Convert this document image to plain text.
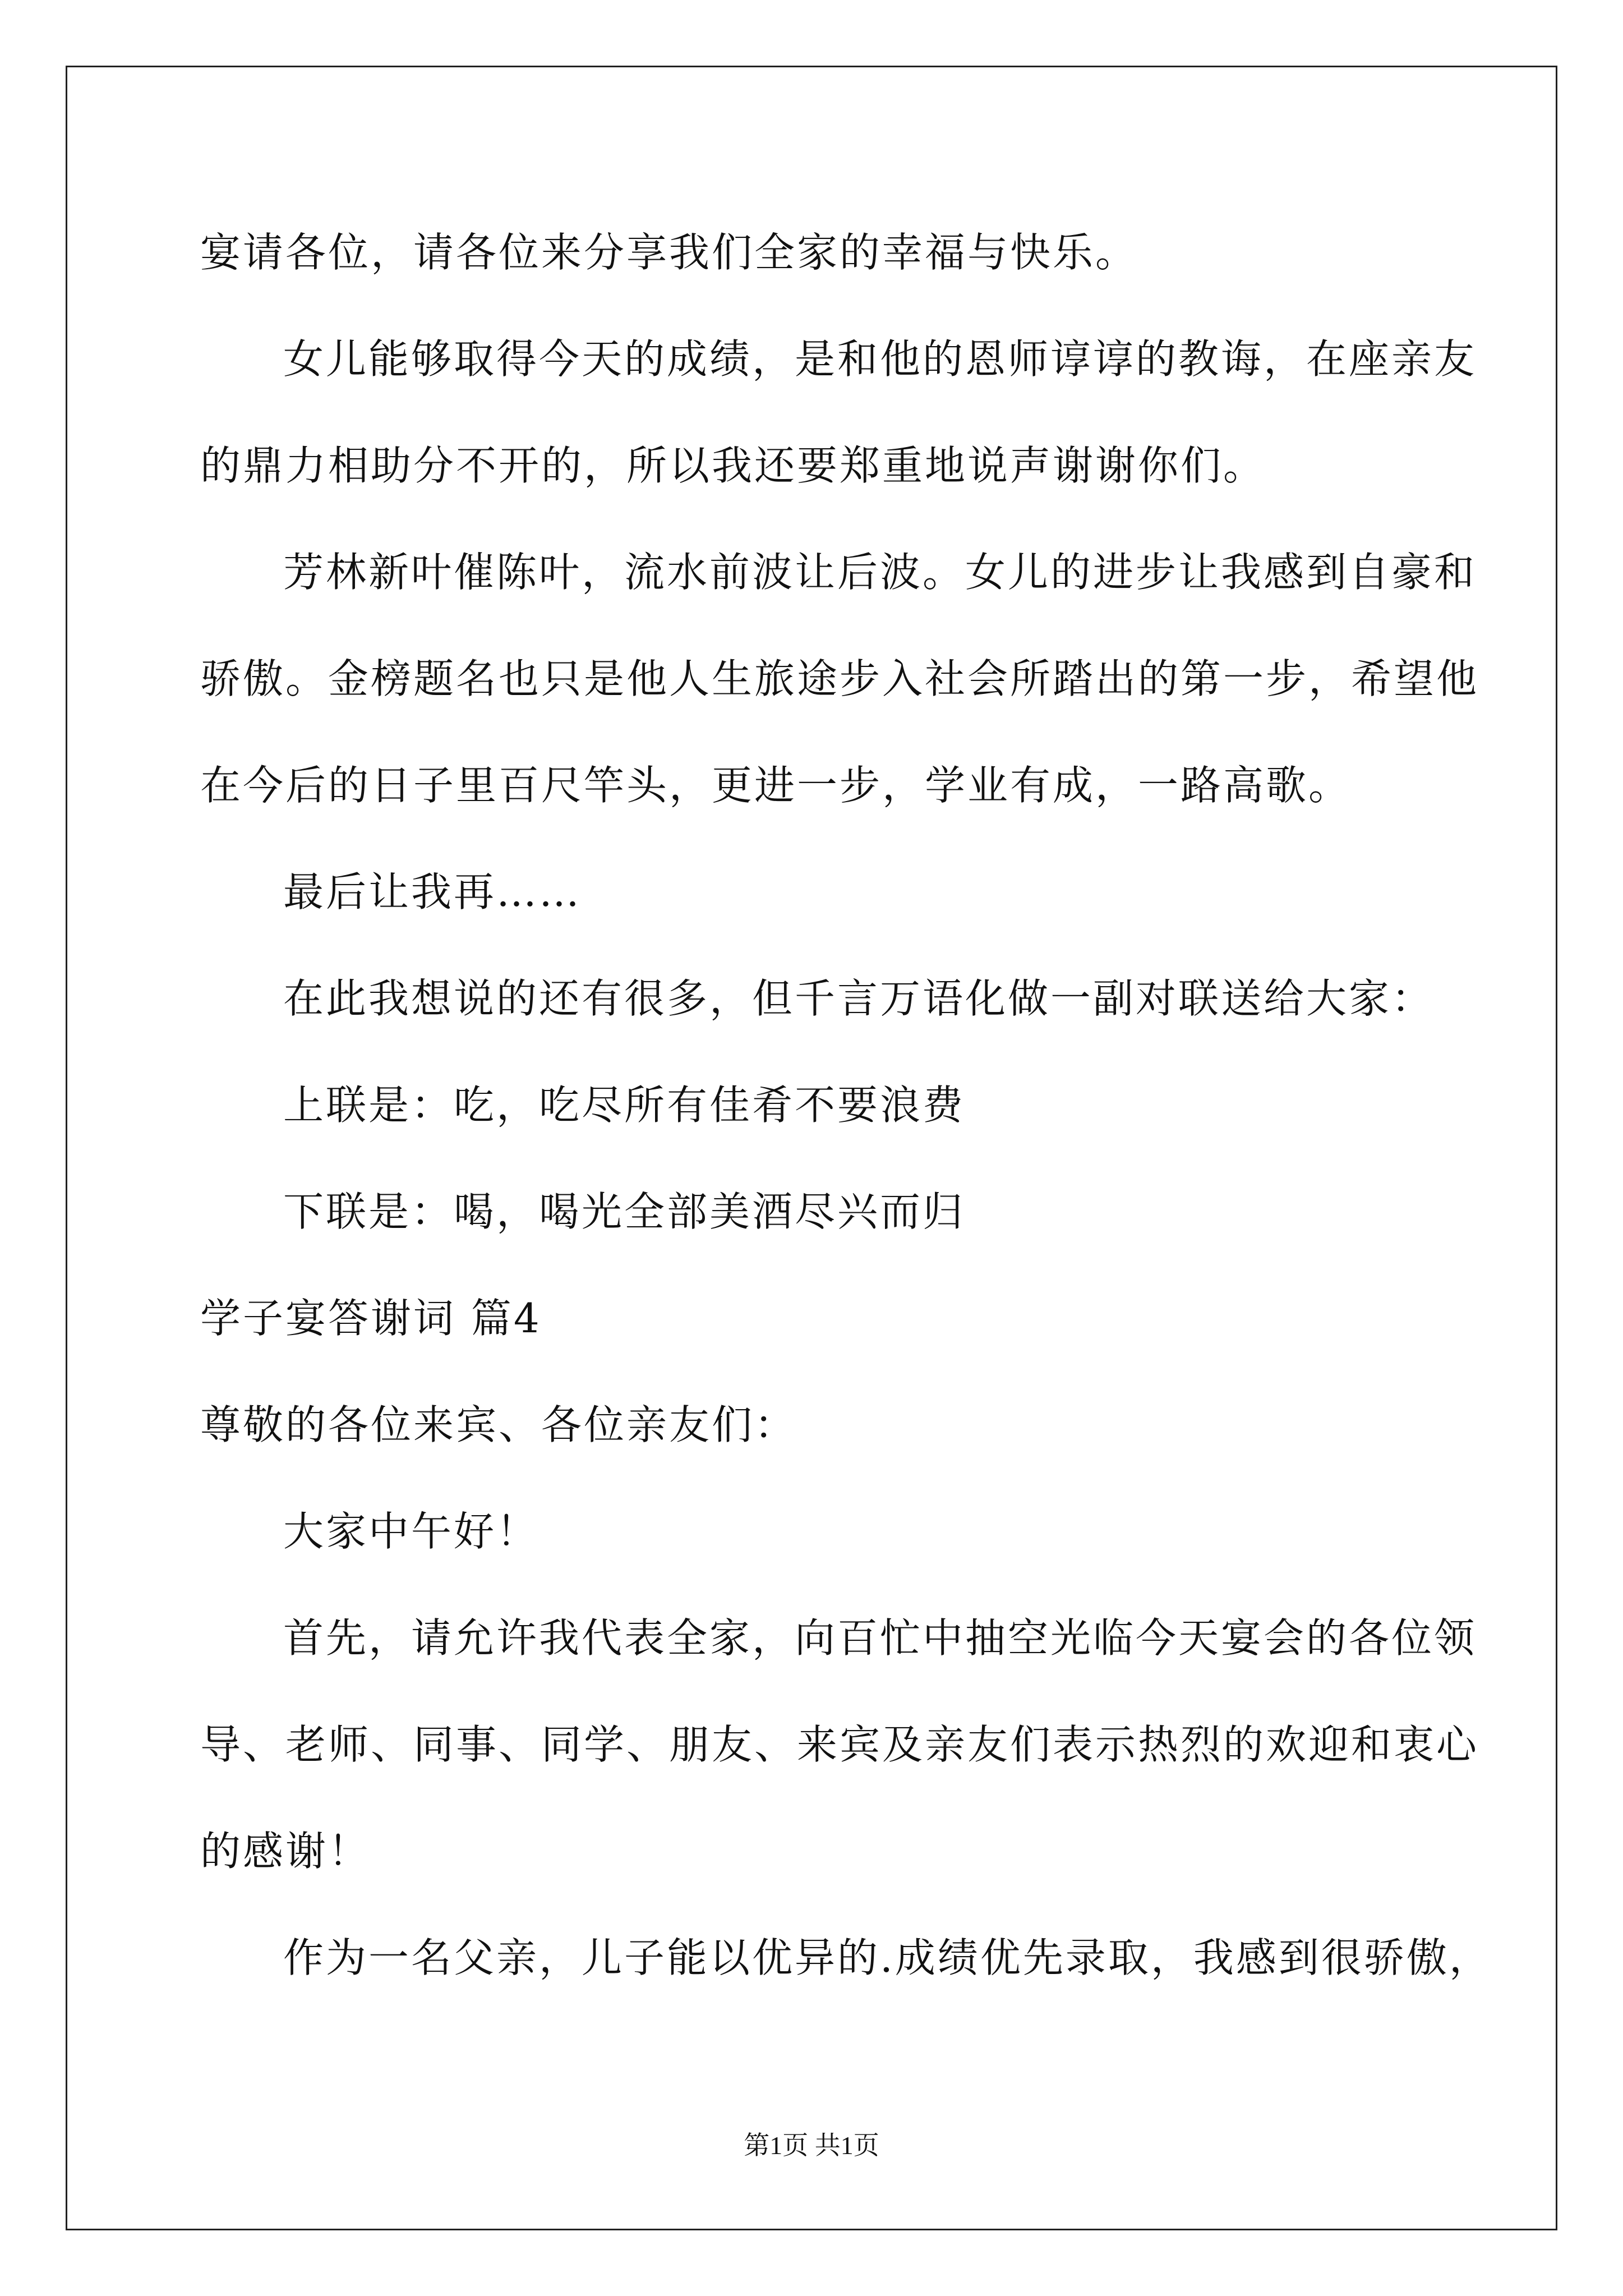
宴请各位，请各位来分享我们全家的幸福与快乐。
女儿能够取得今天的成绩，是和他的恩师谆谆的教诲，在座亲友
的鼎力相助分不开的，所以我还要郑重地说声谢谢你们。
芳林新叶催陈叶，流水前波让后波。女儿的进步让我感到自豪和
骄傲。金榜题名也只是他人生旅途步入社会所踏出的第一步，希望他
在今后的日子里百尺竿头，更进一步，学业有成，一路高歌。
最后让我再……
在此我想说的还有很多，但千言万语化做一副对联送给大家：
上联是：吃，吃尽所有佳肴不要浪费
下联是：喝，喝光全部美酒尽兴而归
学子宴答谢词 篇4
尊敬的各位来宾、各位亲友们：
大家中午好！
首先，请允许我代表全家，向百忙中抽空光临今天宴会的各位领
导、老师、同事、同学、朋友、来宾及亲友们表示热烈的欢迎和衷心
的感谢！
作为一名父亲，儿子能以优异的.成绩优先录取，我感到很骄傲，
第1页 共1页
